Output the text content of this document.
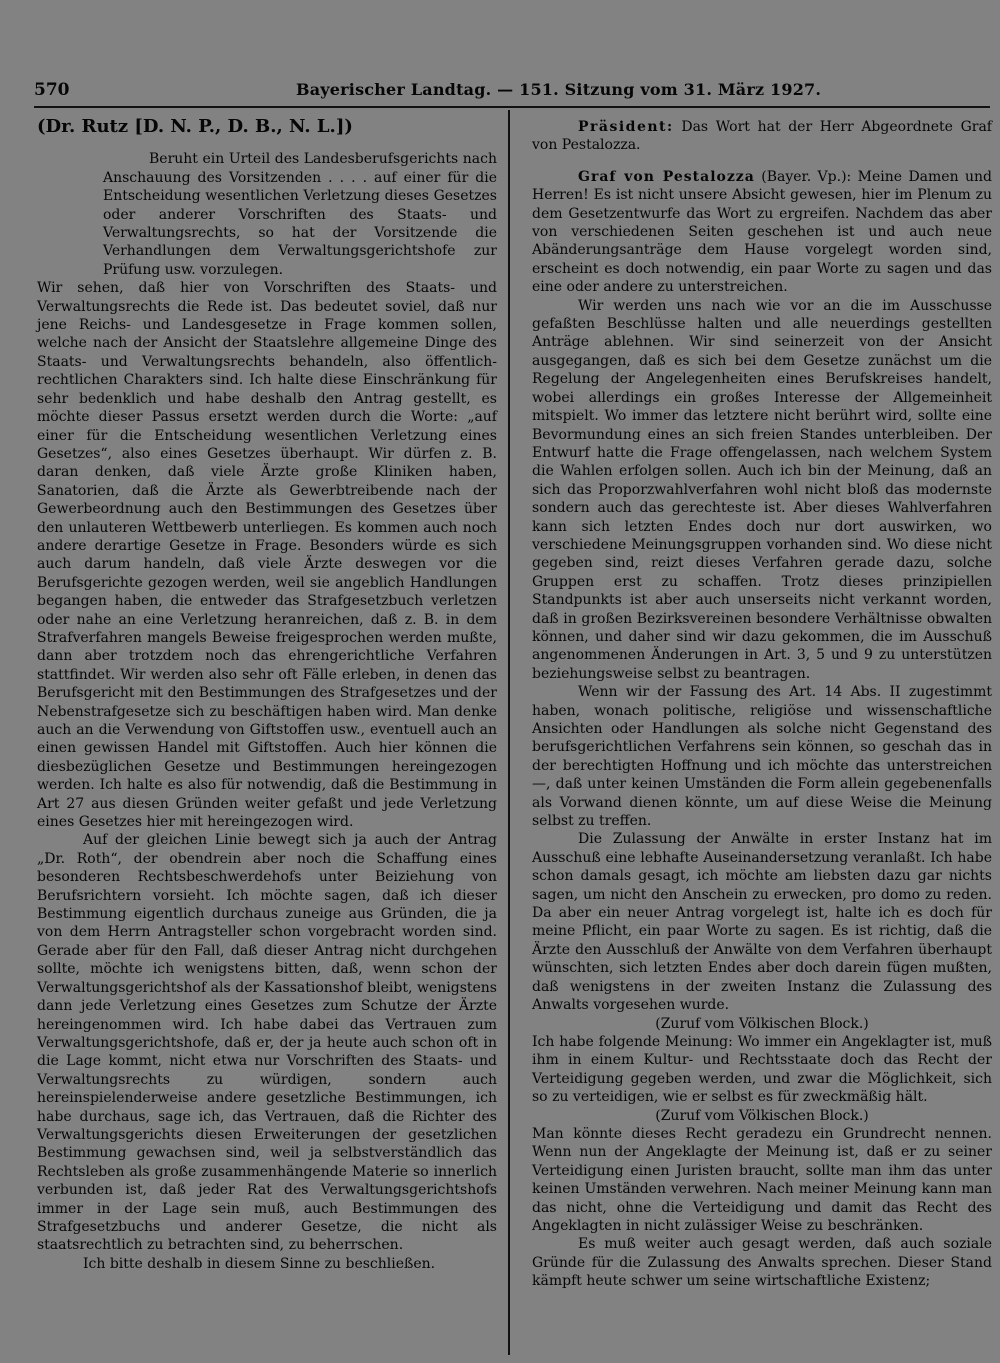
570	Bayerischer Landtag. — 151. Sitzung vom 31. März 1927.

(Dr. Rutz [D. N. P., D. B., N. L.])

Beruht ein Urteil des Landesberufsgerichts nach Anschauung des Vorsitzenden . . . . auf einer für die Entscheidung wesentlichen Verletzung dieses Gesetzes oder anderer Vorschriften des Staats- und Verwaltungsrechts, so hat der Vorsitzende die Verhandlungen dem Verwaltungsgerichtshofe zur Prüfung usw. vorzulegen.

Wir sehen, daß hier von Vorschriften des Staats- und Verwaltungsrechts die Rede ist. Das bedeutet soviel, daß nur jene Reichs- und Landesgesetze in Frage kommen sollen, welche nach der Ansicht der Staatslehre allgemeine Dinge des Staats- und Verwaltungsrechts behandeln, also öffentlich-rechtlichen Charakters sind. Ich halte diese Einschränkung für sehr bedenklich und habe deshalb den Antrag gestellt, es möchte dieser Passus ersetzt werden durch die Worte: „auf einer für die Entscheidung wesentlichen Verletzung eines Gesetzes“, also eines Gesetzes überhaupt. Wir dürfen z. B. daran denken, daß viele Ärzte große Kliniken haben, Sanatorien, daß die Ärzte als Gewerbtreibende nach der Gewerbeordnung auch den Bestimmungen des Gesetzes über den unlauteren Wettbewerb unterliegen. Es kommen auch noch andere derartige Gesetze in Frage. Besonders würde es sich auch darum handeln, daß viele Ärzte deswegen vor die Berufsgerichte gezogen werden, weil sie angeblich Handlungen begangen haben, die entweder das Strafgesetzbuch verletzen oder nahe an eine Verletzung heranreichen, daß z. B. in dem Strafverfahren mangels Beweise freigesprochen werden mußte, dann aber trotzdem noch das ehrengerichtliche Verfahren stattfindet. Wir werden also sehr oft Fälle erleben, in denen das Berufsgericht mit den Bestimmungen des Strafgesetzes und der Nebenstrafgesetze sich zu beschäftigen haben wird. Man denke auch an die Verwendung von Giftstoffen usw., eventuell auch an einen gewissen Handel mit Giftstoffen. Auch hier können die diesbezüglichen Gesetze und Bestimmungen hereingezogen werden. Ich halte es also für notwendig, daß die Bestimmung in Art 27 aus diesen Gründen weiter gefaßt und jede Verletzung eines Gesetzes hier mit hereingezogen wird.

Auf der gleichen Linie bewegt sich ja auch der Antrag „Dr. Roth“, der obendrein aber noch die Schaffung eines besonderen Rechtsbeschwerdehofs unter Beiziehung von Berufsrichtern vorsieht. Ich möchte sagen, daß ich dieser Bestimmung eigentlich durchaus zuneige aus Gründen, die ja von dem Herrn Antragsteller schon vorgebracht worden sind. Gerade aber für den Fall, daß dieser Antrag nicht durchgehen sollte, möchte ich wenigstens bitten, daß, wenn schon der Verwaltungsgerichtshof als der Kassationshof bleibt, wenigstens dann jede Verletzung eines Gesetzes zum Schutze der Ärzte hereingenommen wird. Ich habe dabei das Vertrauen zum Verwaltungsgerichtshofe, daß er, der ja heute auch schon oft in die Lage kommt, nicht etwa nur Vorschriften des Staats- und Verwaltungsrechts zu würdigen, sondern auch hereinspielenderweise andere gesetzliche Bestimmungen, ich habe durchaus, sage ich, das Vertrauen, daß die Richter des Verwaltungsgerichts diesen Erweiterungen der gesetzlichen Bestimmung gewachsen sind, weil ja selbstverständlich das Rechtsleben als große zusammenhängende Materie so innerlich verbunden ist, daß jeder Rat des Verwaltungsgerichtshofs immer in der Lage sein muß, auch Bestimmungen des Strafgesetzbuchs und anderer Gesetze, die nicht als staatsrechtlich zu betrachten sind, zu beherrschen.

Ich bitte deshalb in diesem Sinne zu beschließen.

Präsident: Das Wort hat der Herr Abgeordnete Graf von Pestalozza.

Graf von Pestalozza (Bayer. Vp.): Meine Damen und Herren! Es ist nicht unsere Absicht gewesen, hier im Plenum zu dem Gesetzentwurfe das Wort zu ergreifen. Nachdem das aber von verschiedenen Seiten geschehen ist und auch neue Abänderungsanträge dem Hause vorgelegt worden sind, erscheint es doch notwendig, ein paar Worte zu sagen und das eine oder andere zu unterstreichen.

Wir werden uns nach wie vor an die im Ausschusse gefaßten Beschlüsse halten und alle neuerdings gestellten Anträge ablehnen. Wir sind seinerzeit von der Ansicht ausgegangen, daß es sich bei dem Gesetze zunächst um die Regelung der Angelegenheiten eines Berufskreises handelt, wobei allerdings ein großes Interesse der Allgemeinheit mitspielt. Wo immer das letztere nicht berührt wird, sollte eine Bevormundung eines an sich freien Standes unterbleiben. Der Entwurf hatte die Frage offengelassen, nach welchem System die Wahlen erfolgen sollen. Auch ich bin der Meinung, daß an sich das Proporzwahlverfahren wohl nicht bloß das modernste sondern auch das gerechteste ist. Aber dieses Wahlverfahren kann sich letzten Endes doch nur dort auswirken, wo verschiedene Meinungsgruppen vorhanden sind. Wo diese nicht gegeben sind, reizt dieses Verfahren gerade dazu, solche Gruppen erst zu schaffen. Trotz dieses prinzipiellen Standpunkts ist aber auch unserseits nicht verkannt worden, daß in großen Bezirksvereinen besondere Verhältnisse obwalten können, und daher sind wir dazu gekommen, die im Ausschuß angenommenen Änderungen in Art. 3, 5 und 9 zu unterstützen beziehungsweise selbst zu beantragen.

Wenn wir der Fassung des Art. 14 Abs. II zugestimmt haben, wonach politische, religiöse und wissenschaftliche Ansichten oder Handlungen als solche nicht Gegenstand des berufsgerichtlichen Verfahrens sein können, so geschah das in der berechtigten Hoffnung und ich möchte das unterstreichen —, daß unter keinen Umständen die Form allein gegebenenfalls als Vorwand dienen könnte, um auf diese Weise die Meinung selbst zu treffen.

Die Zulassung der Anwälte in erster Instanz hat im Ausschuß eine lebhafte Auseinandersetzung veranlaßt. Ich habe schon damals gesagt, ich möchte am liebsten dazu gar nichts sagen, um nicht den Anschein zu erwecken, pro domo zu reden. Da aber ein neuer Antrag vorgelegt ist, halte ich es doch für meine Pflicht, ein paar Worte zu sagen. Es ist richtig, daß die Ärzte den Ausschluß der Anwälte von dem Verfahren überhaupt wünschten, sich letzten Endes aber doch darein fügen mußten, daß wenigstens in der zweiten Instanz die Zulassung des Anwalts vorgesehen wurde.

(Zuruf vom Völkischen Block.)

Ich habe folgende Meinung: Wo immer ein Angeklagter ist, muß ihm in einem Kultur- und Rechtsstaate doch das Recht der Verteidigung gegeben werden, und zwar die Möglichkeit, sich so zu verteidigen, wie er selbst es für zweckmäßig hält.

(Zuruf vom Völkischen Block.)

Man könnte dieses Recht geradezu ein Grundrecht nennen. Wenn nun der Angeklagte der Meinung ist, daß er zu seiner Verteidigung einen Juristen braucht, sollte man ihm das unter keinen Umständen verwehren. Nach meiner Meinung kann man das nicht, ohne die Verteidigung und damit das Recht des Angeklagten in nicht zulässiger Weise zu beschränken.

Es muß weiter auch gesagt werden, daß auch soziale Gründe für die Zulassung des Anwalts sprechen. Dieser Stand kämpft heute schwer um seine wirtschaftliche Existenz;
